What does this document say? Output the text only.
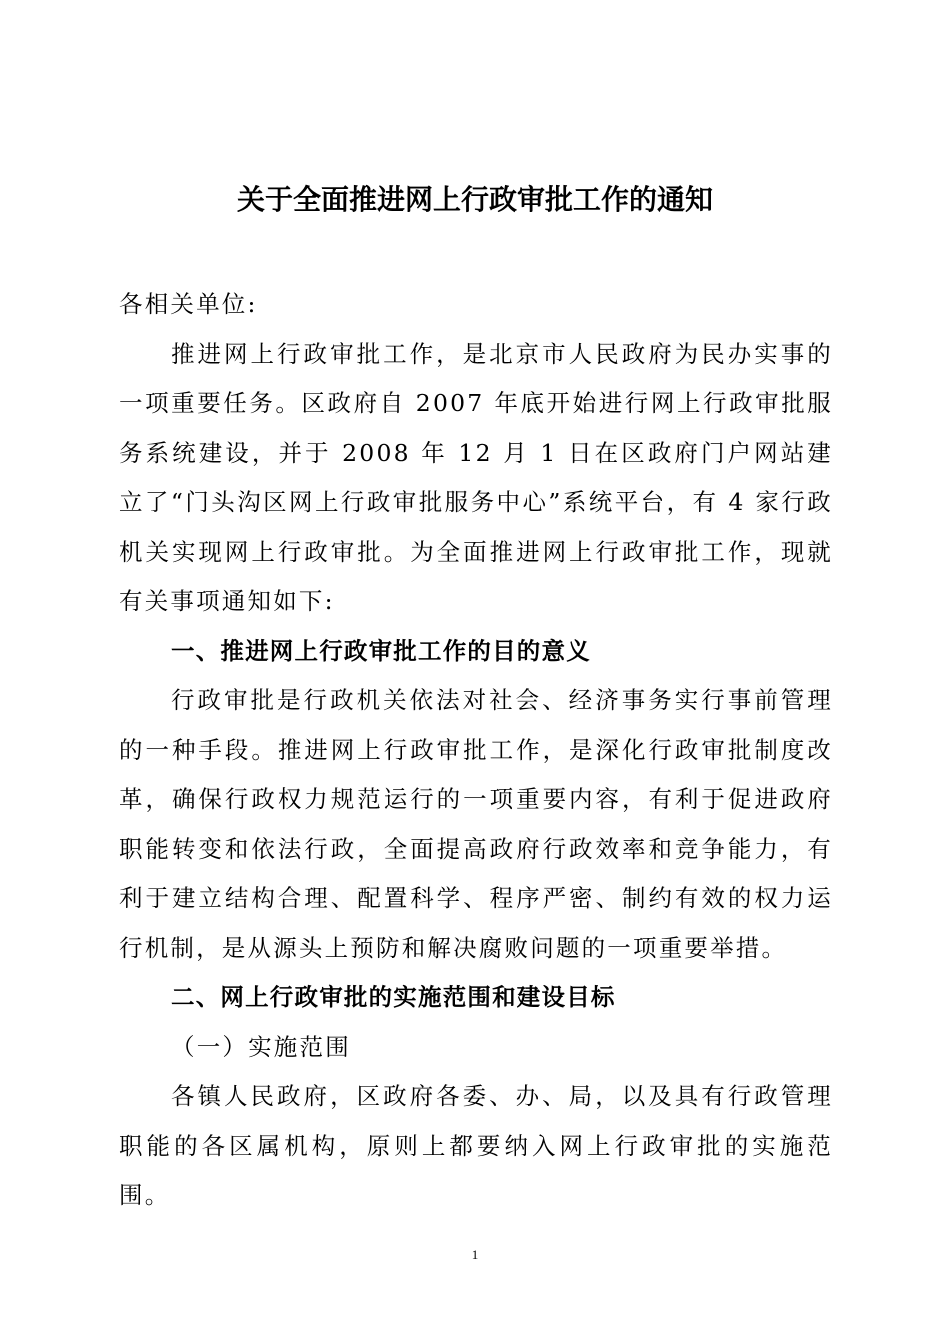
关于全面推进网上行政审批工作的通知

各相关单位:

推进网上行政审批工作，是北京市人民政府为民办实事的一项重要任务。区政府自 2007 年底开始进行网上行政审批服务系统建设，并于 2008 年 12 月 1 日在区政府门户网站建立了“门头沟区网上行政审批服务中心”系统平台，有 4 家行政机关实现网上行政审批。为全面推进网上行政审批工作，现就有关事项通知如下:

一、推进网上行政审批工作的目的意义

行政审批是行政机关依法对社会、经济事务实行事前管理的一种手段。推进网上行政审批工作，是深化行政审批制度改革，确保行政权力规范运行的一项重要内容，有利于促进政府职能转变和依法行政，全面提高政府行政效率和竞争能力，有利于建立结构合理、配置科学、程序严密、制约有效的权力运行机制，是从源头上预防和解决腐败问题的一项重要举措。

二、网上行政审批的实施范围和建设目标

（一）实施范围

各镇人民政府，区政府各委、办、局，以及具有行政管理职能的各区属机构，原则上都要纳入网上行政审批的实施范围。

1
